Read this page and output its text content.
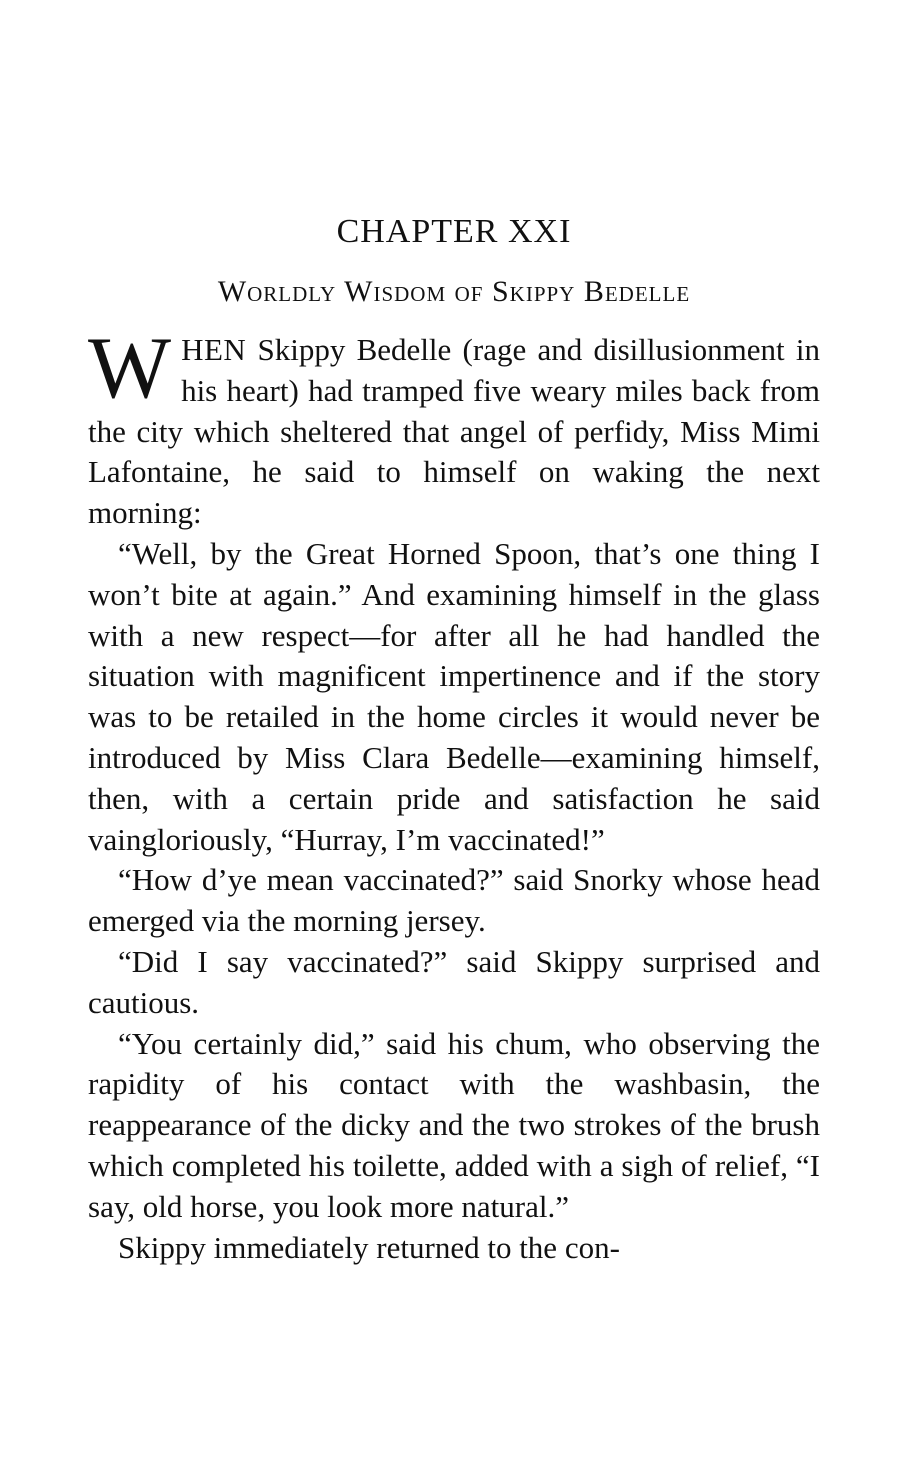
CHAPTER XXI
Worldly Wisdom of Skippy Bedelle

WHEN Skippy Bedelle (rage and disillusionment in his heart) had tramped five weary miles back from the city which sheltered that angel of perfidy, Miss Mimi Lafontaine, he said to himself on waking the next morning:

“Well, by the Great Horned Spoon, that’s one thing I won’t bite at again.” And examining himself in the glass with a new respect—for after all he had handled the situation with magnificent impertinence and if the story was to be retailed in the home circles it would never be introduced by Miss Clara Bedelle—examining himself, then, with a certain pride and satisfaction he said vaingloriously, “Hurray, I’m vaccinated!”

“How d’ye mean vaccinated?” said Snorky whose head emerged via the morning jersey.

“Did I say vaccinated?” said Skippy surprised and cautious.

“You certainly did,” said his chum, who observing the rapidity of his contact with the washbasin, the reappearance of the dicky and the two strokes of the brush which completed his toilette, added with a sigh of relief, “I say, old horse, you look more natural.”

Skippy immediately returned to the con-
